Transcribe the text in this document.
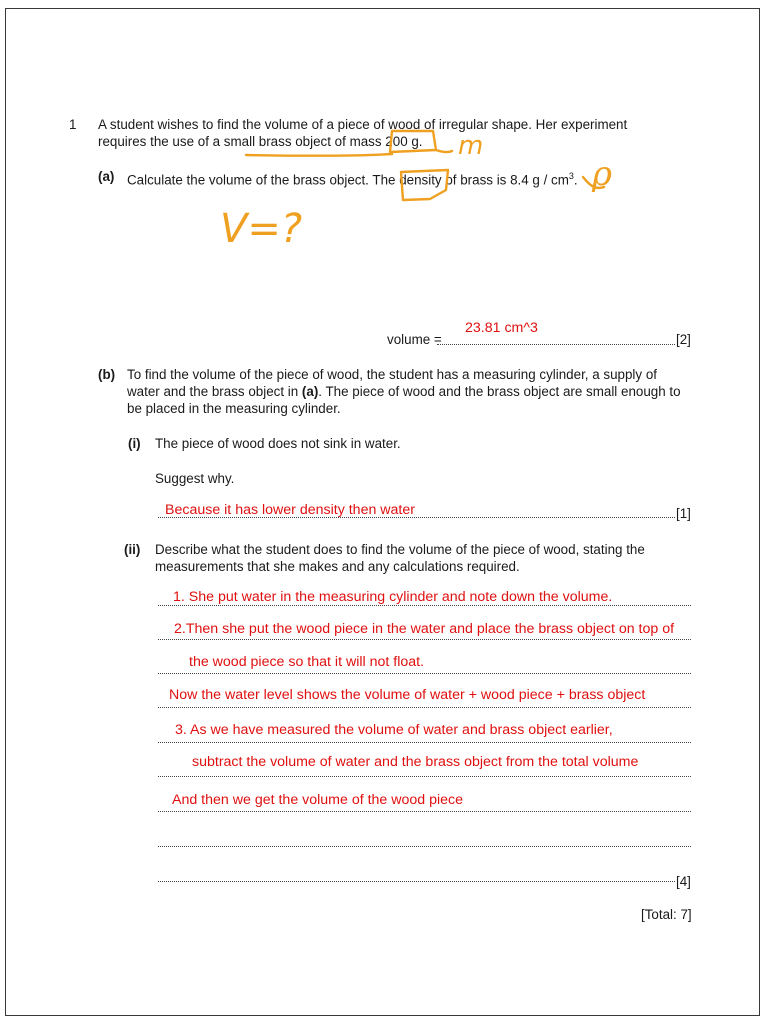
1 A student wishes to find the volume of a piece of wood of irregular shape. Her experiment
requires the use of a small brass object of mass 200 g.
(a) Calculate the volume of the brass object. The density of brass is 8.4 g / $cm^3$.
volume =
23.81 cm^3
[2]
(b) To find the volume of the piece of wood, the student has a measuring cylinder, a supply of
water and the brass object in (a). The piece of wood and the brass object are small enough to
be placed in the measuring cylinder.
(i) The piece of wood does not sink in water.
Suggest why.
Because it has lower density then water	[1]
(ii) Describe what the student does to find the volume of the piece of wood, stating the
measurements that she makes and any calculations required.
1. She put water in the measuring cylinder and note down the volume.
2.Then she put the wood piece in the water and place the brass object on top of
the wood piece so that it will not float.
Now the water level shows the volume of water + wood piece + brass object
3. As we have measured the volume of water and brass object earlier,
subtract the volume of water and the brass object from the total volume
And then we get the volume of the wood piece
[4]
[Total: 7]
m
ρ
V=?
